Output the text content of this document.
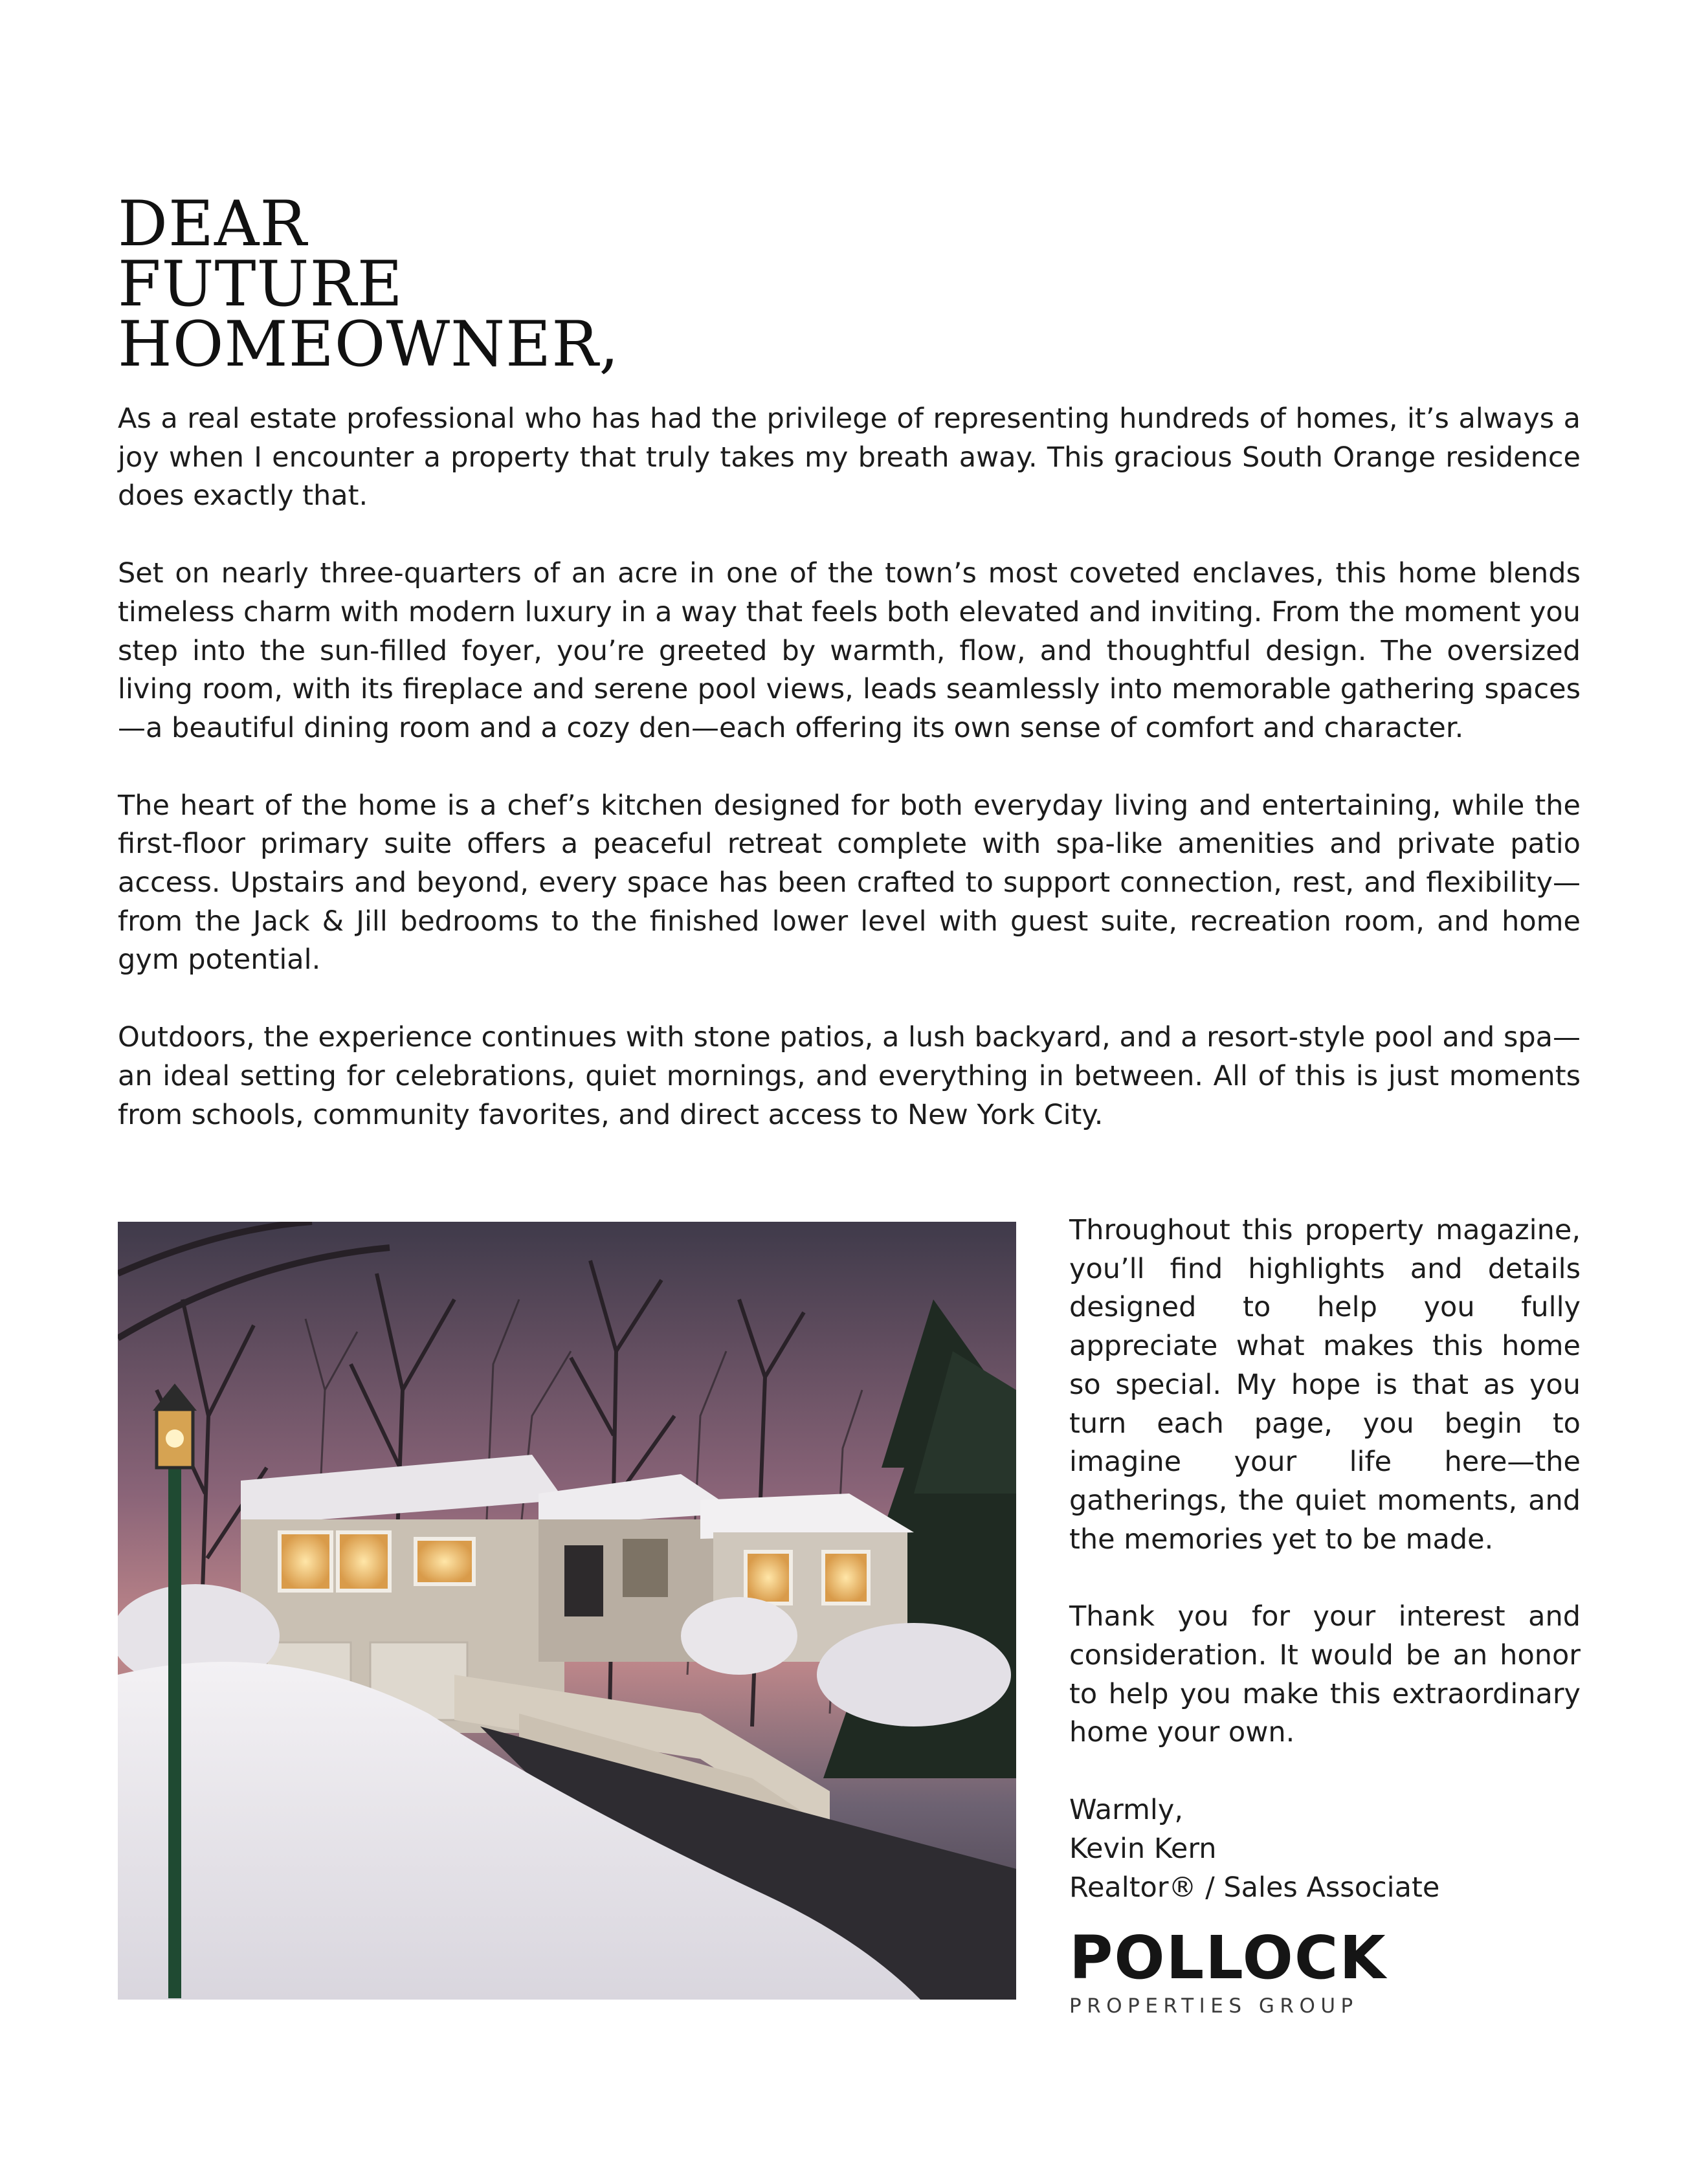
DEAR
FUTURE
HOMEOWNER,

As a real estate professional who has had the privilege of representing hundreds of homes, it’s always a joy when I encounter a property that truly takes my breath away. This gracious South Orange residence does exactly that.

Set on nearly three-quarters of an acre in one of the town’s most coveted enclaves, this home blends timeless charm with modern luxury in a way that feels both elevated and inviting. From the moment you step into the sun-filled foyer, you’re greeted by warmth, flow, and thoughtful design. The oversized living room, with its fireplace and serene pool views, leads seamlessly into memorable gathering spaces—a beautiful dining room and a cozy den—each offering its own sense of comfort and character.

The heart of the home is a chef’s kitchen designed for both everyday living and entertaining, while the first-floor primary suite offers a peaceful retreat complete with spa-like amenities and private patio access. Upstairs and beyond, every space has been crafted to support connection, rest, and flexibility—from the Jack & Jill bedrooms to the finished lower level with guest suite, recreation room, and home gym potential.

Outdoors, the experience continues with stone patios, a lush backyard, and a resort-style pool and spa—an ideal setting for celebrations, quiet mornings, and everything in between. All of this is just moments from schools, community favorites, and direct access to New York City.

Throughout this property magazine, you’ll find highlights and details designed to help you fully appreciate what makes this home so special. My hope is that as you turn each page, you begin to imagine your life here—the gatherings, the quiet moments, and the memories yet to be made.

Thank you for your interest and consideration. It would be an honor to help you make this extraordinary home your own.

Warmly,
Kevin Kern
Realtor® / Sales Associate
POLLOCK
PROPERTIES GROUP
